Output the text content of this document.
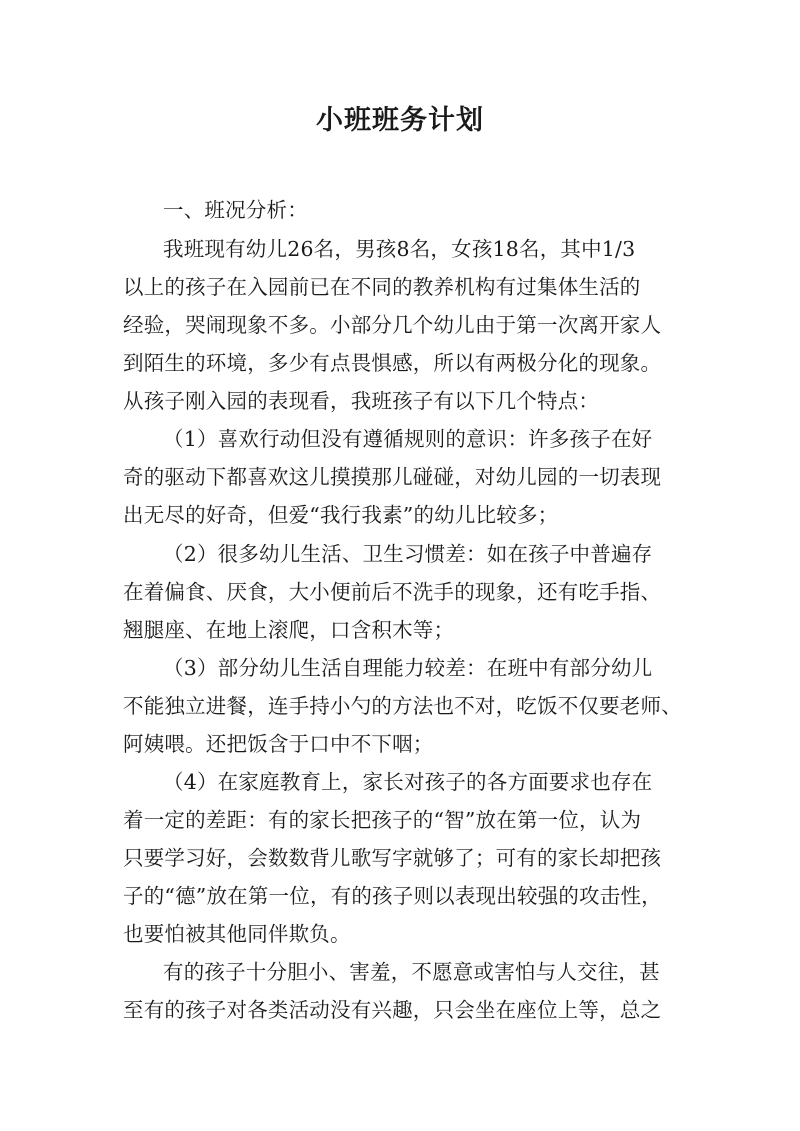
小班班务计划
一、班况分析：
我班现有幼儿26名，男孩8名，女孩18名，其中1/3
以上的孩子在入园前已在不同的教养机构有过集体生活的
经验，哭闹现象不多。小部分几个幼儿由于第一次离开家人
到陌生的环境，多少有点畏惧感，所以有两极分化的现象。
从孩子刚入园的表现看，我班孩子有以下几个特点：
（1）喜欢行动但没有遵循规则的意识：许多孩子在好
奇的驱动下都喜欢这儿摸摸那儿碰碰，对幼儿园的一切表现
出无尽的好奇，但爱“我行我素”的幼儿比较多；
（2）很多幼儿生活、卫生习惯差：如在孩子中普遍存
在着偏食、厌食，大小便前后不洗手的现象，还有吃手指、
翘腿座、在地上滚爬，口含积木等；
（3）部分幼儿生活自理能力较差：在班中有部分幼儿
不能独立进餐，连手持小勺的方法也不对，吃饭不仅要老师、
阿姨喂。还把饭含于口中不下咽；
（4）在家庭教育上，家长对孩子的各方面要求也存在
着一定的差距：有的家长把孩子的“智”放在第一位，认为
只要学习好，会数数背儿歌写字就够了；可有的家长却把孩
子的“德”放在第一位，有的孩子则以表现出较强的攻击性，
也要怕被其他同伴欺负。
有的孩子十分胆小、害羞，不愿意或害怕与人交往，甚
至有的孩子对各类活动没有兴趣，只会坐在座位上等，总之
